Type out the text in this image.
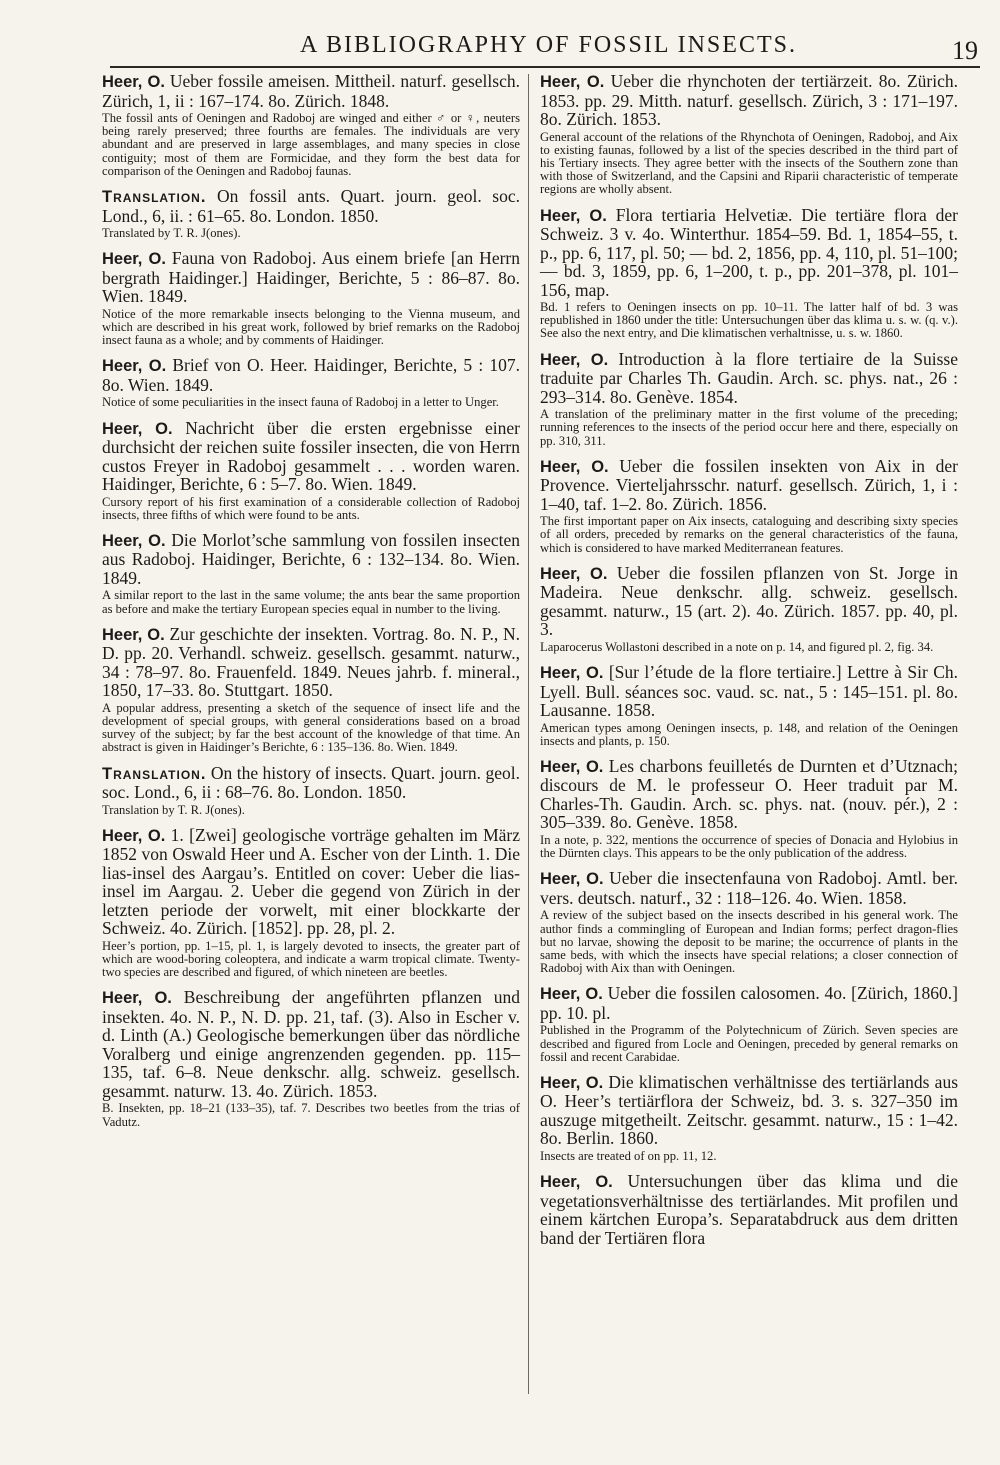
A BIBLIOGRAPHY OF FOSSIL INSECTS.	19

Heer, O. Ueber fossile ameisen. Mittheil. naturf. gesellsch. Zürich, 1, ii : 167–174. 8o. Zürich. 1848.

The fossil ants of Oeningen and Radoboj are winged and either ♂ or ♀, neuters being rarely preserved; three fourths are females. The individuals are very abundant and are preserved in large assemblages, and many species in close contiguity; most of them are Formicidae, and they form the best data for comparison of the Oeningen and Radoboj faunas.

Translation. On fossil ants. Quart. journ. geol. soc. Lond., 6, ii. : 61–65. 8o. London. 1850.

Translated by T. R. J(ones).

Heer, O. Fauna von Radoboj. Aus einem briefe [an Herrn bergrath Haidinger.] Haidinger, Berichte, 5 : 86–87. 8o. Wien. 1849.

Notice of the more remarkable insects belonging to the Vienna museum, and which are described in his great work, followed by brief remarks on the Radoboj insect fauna as a whole; and by comments of Haidinger.

Heer, O. Brief von O. Heer. Haidinger, Berichte, 5 : 107. 8o. Wien. 1849.

Notice of some peculiarities in the insect fauna of Radoboj in a letter to Unger.

Heer, O. Nachricht über die ersten ergebnisse einer durchsicht der reichen suite fossiler insecten, die von Herrn custos Freyer in Radoboj gesammelt . . . worden waren. Haidinger, Berichte, 6 : 5–7. 8o. Wien. 1849.

Cursory report of his first examination of a considerable collection of Radoboj insects, three fifths of which were found to be ants.

Heer, O. Die Morlot’sche sammlung von fossilen insecten aus Radoboj. Haidinger, Berichte, 6 : 132–134. 8o. Wien. 1849.

A similar report to the last in the same volume; the ants bear the same proportion as before and make the tertiary European species equal in number to the living.

Heer, O. Zur geschichte der insekten. Vortrag. 8o. N. P., N. D. pp. 20. Verhandl. schweiz. gesellsch. gesammt. naturw., 34 : 78–97. 8o. Frauenfeld. 1849. Neues jahrb. f. mineral., 1850, 17–33. 8o. Stuttgart. 1850.

A popular address, presenting a sketch of the sequence of insect life and the development of special groups, with general considerations based on a broad survey of the subject; by far the best account of the knowledge of that time. An abstract is given in Haidinger’s Berichte, 6 : 135–136. 8o. Wien. 1849.

Translation. On the history of insects. Quart. journ. geol. soc. Lond., 6, ii : 68–76. 8o. London. 1850.

Translation by T. R. J(ones).

Heer, O. 1. [Zwei] geologische vorträge gehalten im März 1852 von Oswald Heer und A. Escher von der Linth. 1. Die lias-insel des Aargau’s. Entitled on cover: Ueber die lias-insel im Aargau. 2. Ueber die gegend von Zürich in der letzten periode der vorwelt, mit einer blockkarte der Schweiz. 4o. Zürich. [1852]. pp. 28, pl. 2.

Heer’s portion, pp. 1–15, pl. 1, is largely devoted to insects, the greater part of which are wood-boring coleoptera, and indicate a warm tropical climate. Twenty-two species are described and figured, of which nineteen are beetles.

Heer, O. Beschreibung der angeführten pflanzen und insekten. 4o. N. P., N. D. pp. 21, taf. (3). Also in Escher v. d. Linth (A.) Geologische bemerkungen über das nördliche Voralberg und einige angrenzenden gegenden. pp. 115–135, taf. 6–8. Neue denkschr. allg. schweiz. gesellsch. gesammt. naturw. 13. 4o. Zürich. 1853.

B. Insekten, pp. 18–21 (133–35), taf. 7. Describes two beetles from the trias of Vadutz.

Heer, O. Ueber die rhynchoten der tertiärzeit. 8o. Zürich. 1853. pp. 29. Mitth. naturf. gesellsch. Zürich, 3 : 171–197. 8o. Zürich. 1853.

General account of the relations of the Rhynchota of Oeningen, Radoboj, and Aix to existing faunas, followed by a list of the species described in the third part of his Tertiary insects. They agree better with the insects of the Southern zone than with those of Switzerland, and the Capsini and Riparii characteristic of temperate regions are wholly absent.

Heer, O. Flora tertiaria Helvetiæ. Die tertiäre flora der Schweiz. 3 v. 4o. Winterthur. 1854–59. Bd. 1, 1854–55, t. p., pp. 6, 117, pl. 50; — bd. 2, 1856, pp. 4, 110, pl. 51–100; — bd. 3, 1859, pp. 6, 1–200, t. p., pp. 201–378, pl. 101–156, map.

Bd. 1 refers to Oeningen insects on pp. 10–11. The latter half of bd. 3 was republished in 1860 under the title: Untersuchungen über das klima u. s. w. (q. v.). See also the next entry, and Die klimatischen verhaltnisse, u. s. w. 1860.

Heer, O. Introduction à la flore tertiaire de la Suisse traduite par Charles Th. Gaudin. Arch. sc. phys. nat., 26 : 293–314. 8o. Genève. 1854.

A translation of the preliminary matter in the first volume of the preceding; running references to the insects of the period occur here and there, especially on pp. 310, 311.

Heer, O. Ueber die fossilen insekten von Aix in der Provence. Vierteljahrsschr. naturf. gesellsch. Zürich, 1, i : 1–40, taf. 1–2. 8o. Zürich. 1856.

The first important paper on Aix insects, cataloguing and describing sixty species of all orders, preceded by remarks on the general characteristics of the fauna, which is considered to have marked Mediterranean features.

Heer, O. Ueber die fossilen pflanzen von St. Jorge in Madeira. Neue denkschr. allg. schweiz. gesellsch. gesammt. naturw., 15 (art. 2). 4o. Zürich. 1857. pp. 40, pl. 3.

Laparocerus Wollastoni described in a note on p. 14, and figured pl. 2, fig. 34.

Heer, O. [Sur l’étude de la flore tertiaire.] Lettre à Sir Ch. Lyell. Bull. séances soc. vaud. sc. nat., 5 : 145–151. pl. 8o. Lausanne. 1858.

American types among Oeningen insects, p. 148, and relation of the Oeningen insects and plants, p. 150.

Heer, O. Les charbons feuilletés de Durnten et d’Utznach; discours de M. le professeur O. Heer traduit par M. Charles-Th. Gaudin. Arch. sc. phys. nat. (nouv. pér.), 2 : 305–339. 8o. Genève. 1858.

In a note, p. 322, mentions the occurrence of species of Donacia and Hylobius in the Dürnten clays. This appears to be the only publication of the address.

Heer, O. Ueber die insectenfauna von Radoboj. Amtl. ber. vers. deutsch. naturf., 32 : 118–126. 4o. Wien. 1858.

A review of the subject based on the insects described in his general work. The author finds a commingling of European and Indian forms; perfect dragon-flies but no larvae, showing the deposit to be marine; the occurrence of plants in the same beds, with which the insects have special relations; a closer connection of Radoboj with Aix than with Oeningen.

Heer, O. Ueber die fossilen calosomen. 4o. [Zürich, 1860.] pp. 10. pl.

Published in the Programm of the Polytechnicum of Zürich. Seven species are described and figured from Locle and Oeningen, preceded by general remarks on fossil and recent Carabidae.

Heer, O. Die klimatischen verhältnisse des tertiärlands aus O. Heer’s tertiärflora der Schweiz, bd. 3. s. 327–350 im auszuge mitgetheilt. Zeitschr. gesammt. naturw., 15 : 1–42. 8o. Berlin. 1860.

Insects are treated of on pp. 11, 12.

Heer, O. Untersuchungen über das klima und die vegetationsverhältnisse des tertiärlandes. Mit profilen und einem kärtchen Europa’s. Separatabdruck aus dem dritten band der Tertiären flora
